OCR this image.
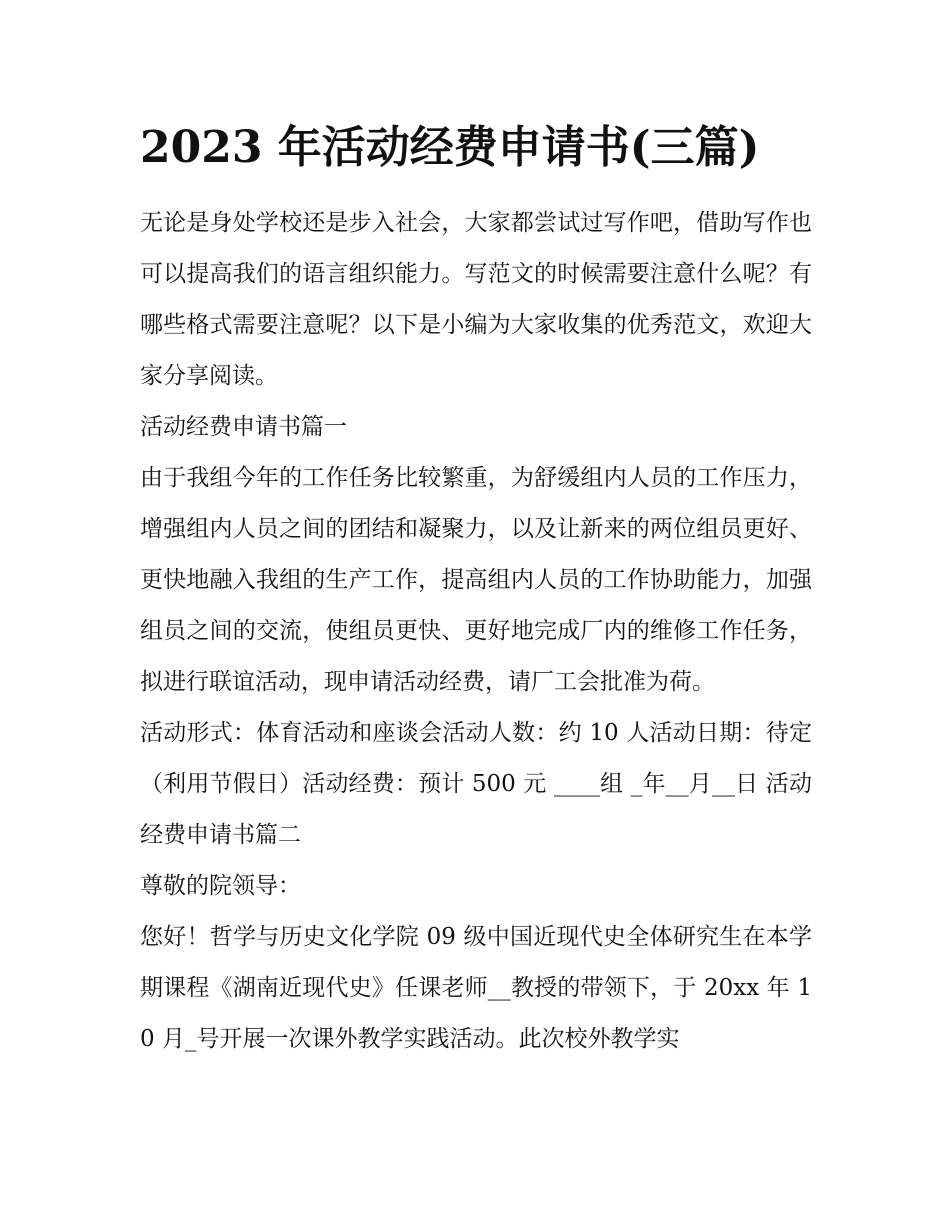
2023 年活动经费申请书(三篇)

无论是身处学校还是步入社会，大家都尝试过写作吧，借助写作也可以提高我们的语言组织能力。写范文的时候需要注意什么呢？有哪些格式需要注意呢？以下是小编为大家收集的优秀范文，欢迎大家分享阅读。

活动经费申请书篇一

由于我组今年的工作任务比较繁重，为舒缓组内人员的工作压力，增强组内人员之间的团结和凝聚力，以及让新来的两位组员更好、更快地融入我组的生产工作，提高组内人员的工作协助能力，加强组员之间的交流，使组员更快、更好地完成厂内的维修工作任务，拟进行联谊活动，现申请活动经费，请厂工会批准为荷。

活动形式：体育活动和座谈会活动人数：约 10 人活动日期：待定（利用节假日）活动经费：预计 500 元 ____组 _年__月__日 活动经费申请书篇二

尊敬的院领导：

您好！哲学与历史文化学院 09 级中国近现代史全体研究生在本学期课程《湖南近现代史》任课老师__教授的带领下，于 20xx 年 10 月_号开展一次课外教学实践活动。此次校外教学实
